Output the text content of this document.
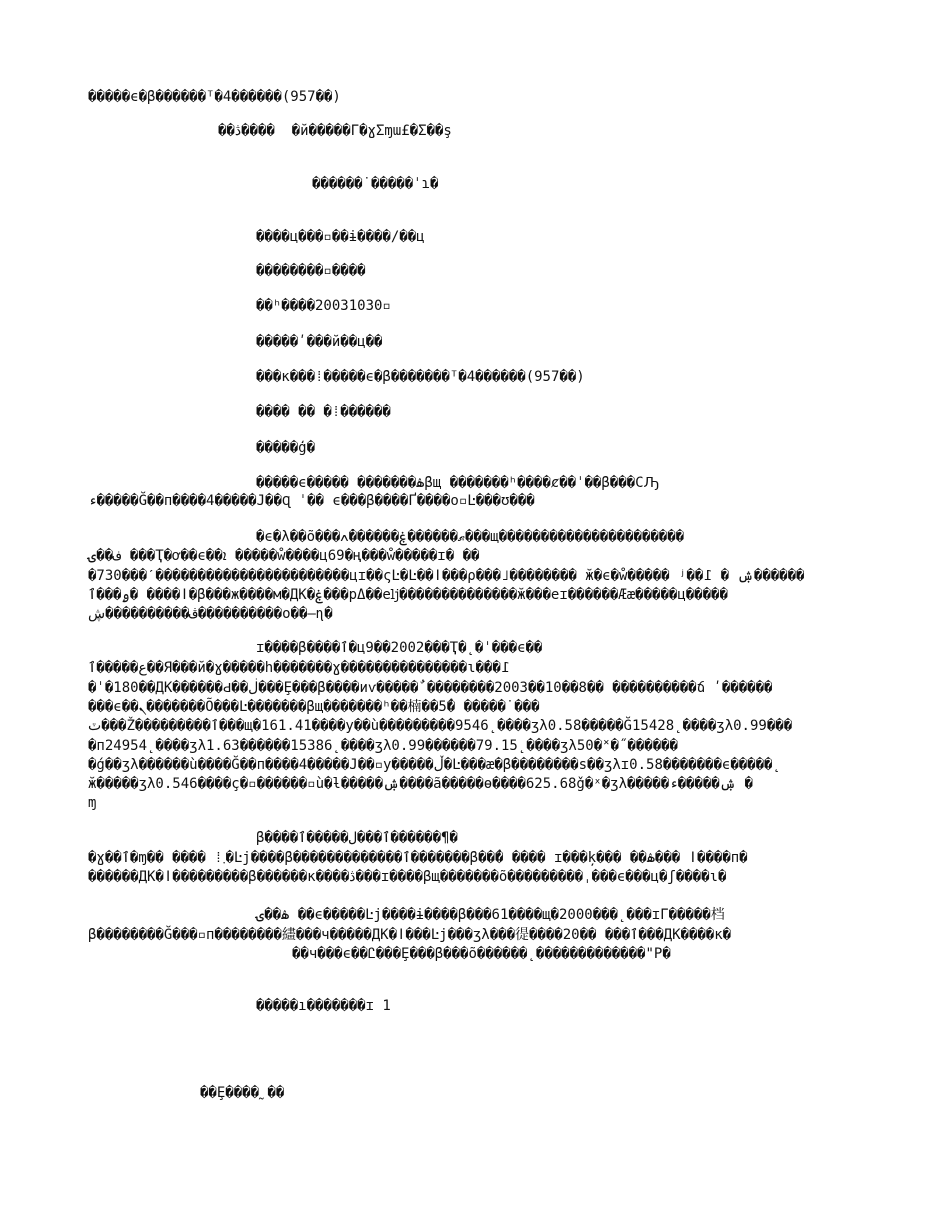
�����ϵ�β������ᵀ�4������(957��)
��ڎ����  �й�����Γ�ɣΣɱɯ£�Σ��ş
������˙�����ˈɿ�
����ц���▫��ɨ����/��ц
��������▫����
��ʰ����20031030▫
�����ʹ���й��ц��
���ĸ���⁞�����ϵ�β�������ᵀ�4������(957��)
���� �� �⁞������
�����ģ�
�����ϵ����� �������ۿβщ �������ʰ����ȼ��ˈ��β���ϹԠ
ء�����Ğ��п����4�����Ј��Ɋ ˈ�� ϵ���β����Ґ����օ▫Ŀ���ʊ���
�ϵ�λ��õ���ޠ������ۼ������֒ߍ���щ����������������������
ف��ۍ ���Ҭ�ơ��ϵ��ܐ �����ẘ����ц69�ң���ẘ�����ɪ� ��
�730���ˊ�����������������������цɪ��ςĿ�Ŀ��ǀ���ρ���˩�������� ӂ�ϵ�ẘ����� ʲ��ۺ � ߁������
ۄ���ٱ� ����ǀ�β���ж����м�ДК�ۼ���рΔ��eǉ��������������ӂ���eɪ������Ӕæ�����ц�����
ڤ����������ڜ����������о��—ɳ�
ɪ����β����ٱ�ц9��2002���Ҭ�˛�ˈ���ϵ��
ع�����ٱ��Я���й�ɣ�����h�������ɣ���������������ɩ�֫��߁
�ˈ�180��ДК������Ԁ��ڶ���Ȩ���β����иⱱ�����ٌ ��������2003��10��8�� ����������ճ ʹ������
���ϵ��ܢ�������Õ���Ŀ�������βщ�������ʰ��楠��5�ٌ �����˙���
ٽ���Ž���������ٱ���щ�161.41����у��ù���������9546˛����ʒλ0.58�����Ğ15428˛����ʒλ0.99���
�п24954˛����ʒλ1.63������15386˛����ʒλ0.99������79.15˛����ʒλ50�˟�˝������
�ǵ��ʒλ������ù����Ğ��п����4�����Ј��▫у�����ڵ�Ŀ���ӕ�β��������s��ʒλɪ0.58�������ϵ�����˛
ӂ�����ʒλ0.546����ç�▫������▫ù�ƚ�����ۺ����ã�����ѳ����625.68ǧ�ˣ�ʒλ�����ۺ�����ء �
ɱ
β����ٱ���ﻝ�����ٱ������¶�
�ɣ��ٱ�ɱ�� ���� ⁞܂�Ŀј����β�������������ٱ�������β���ٌ ���� ɪ���ķ��� ��ۿ��� ǀ����п�
������ДК�ǀ���������β������к����ڎ���ɪ����βщ�������õ���������ˌ���ϵ���ц�ʃ����ɩ�
ۿ��ۍ ��ϵ�����Ŀј����ɨ����β���61����щ�2000���˛���ɪΓ�����档
β��������Ğ���▫п��������繣���ч�����ДК�ǀ���Ŀј���ʒλ���徥����ٱ��� ��20���ДК����к�
��ч���ϵ��Ꮭ���Ȩ���β���õ������˛�������������"Ρ�
�����ı�������ɪ 1
��Ȩ����˷��
